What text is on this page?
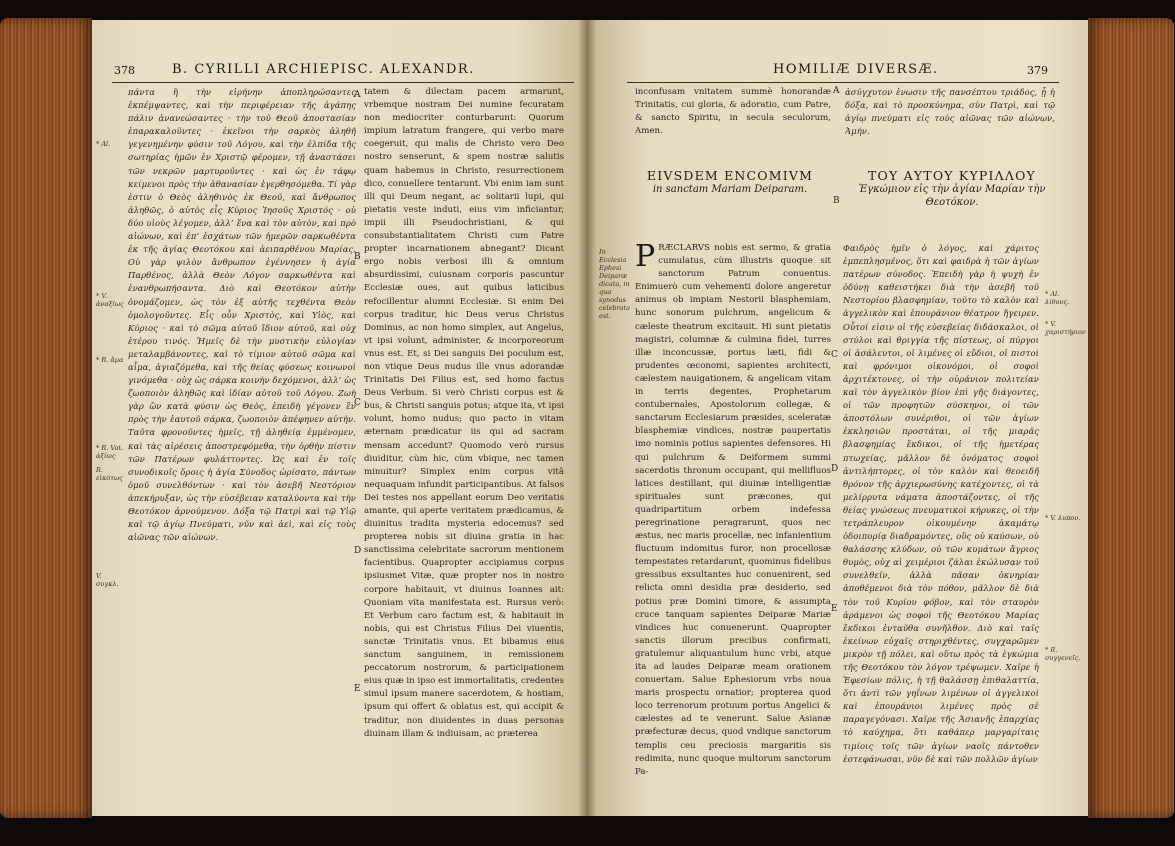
378	B. CYRILLI ARCHIEPISC. ALEXANDR.
* Al.
* V. ἀναξίως
* R. ἄμα
* R. Vat. ἀξίως
R. εἰκότως
V. συγκλ.
πάντα ἢ τὴν εἰρήνην ἀποπληρώσαντες ἐκπέμψαντες, καὶ τὴν περιφέρειαν τῆς ἀγάπης πάλιν ἀνανεώσαντες · τὴν τοῦ Θεοῦ ἀποστασίαν ἐπαρακαλοῦντες · ἐκεῖνοι τὴν σαρκὸς ἀληθῆ γεγενημένην φύσιν τοῦ Λόγου, καὶ τὴν ἐλπίδα τῆς σωτηρίας ἡμῶν ἐν Χριστῷ φέρομεν, τῇ ἀναστάσει τῶν νεκρῶν μαρτυροῦντες · καὶ ὡς ἐν τάφῳ κείμενοι πρὸς τὴν ἀθανασίαν ἐγερθησόμεθα. Τί γὰρ ἐστιν ὁ Θεὸς ἀληθινὸς ἐκ Θεοῦ, καὶ ἄνθρωπος ἀληθῶς, ὁ αὐτὸς εἷς Κύριος Ἰησοῦς Χριστός · οὐ δύο υἱοὺς λέγομεν, ἀλλ’ ἕνα καὶ τὸν αὐτὸν, καὶ πρὸ αἰώνων, καὶ ἐπ’ ἐσχάτων τῶν ἡμερῶν σαρκωθέντα ἐκ τῆς ἁγίας Θεοτόκου καὶ ἀειπαρθένου Μαρίας. Οὐ γὰρ ψιλὸν ἄνθρωπον ἐγέννησεν ἡ ἁγία Παρθένος, ἀλλὰ Θεὸν Λόγον σαρκωθέντα καὶ ἐνανθρωπήσαντα. Διὸ καὶ Θεοτόκον αὐτὴν ὀνομάζομεν, ὡς τὸν ἐξ αὐτῆς τεχθέντα Θεὸν ὁμολογοῦντες. Εἷς οὖν Χριστὸς, καὶ Υἱὸς, καὶ Κύριος · καὶ τὸ σῶμα αὐτοῦ ἴδιον αὐτοῦ, καὶ οὐχ ἑτέρου τινός. Ἡμεῖς δὲ τὴν μυστικὴν εὐλογίαν μεταλαμβάνοντες, καὶ τὸ τίμιον αὐτοῦ σῶμα καὶ αἷμα, ἁγιαζόμεθα, καὶ τῆς θείας φύσεως κοινωνοὶ γινόμεθα · οὐχ ὡς σάρκα κοινὴν δεχόμενοι, ἀλλ’ ὡς ζωοποιὸν ἀληθῶς καὶ ἰδίαν αὐτοῦ τοῦ Λόγου. Ζωὴ γὰρ ὢν κατὰ φύσιν ὡς Θεὸς, ἐπειδὴ γέγονεν ἓν πρὸς τὴν ἑαυτοῦ σάρκα, ζωοποιὸν ἀπέφηνεν αὐτήν. Ταῦτα φρονοῦντες ἡμεῖς, τῇ ἀληθείᾳ ἐμμένομεν, καὶ τὰς αἱρέσεις ἀποστρεφόμεθα, τὴν ὀρθὴν πίστιν τῶν Πατέρων φυλάττοντες. Ὡς καὶ ἐν τοῖς συνοδικοῖς ὅροις ἡ ἁγία Σύνοδος ὡρίσατο, πάντων ὁμοῦ συνελθόντων · καὶ τὸν ἀσεβῆ Νεστόριον ἀπεκήρυξαν, ὡς τὴν εὐσέβειαν καταλύοντα καὶ τὴν Θεοτόκον ἀρνούμενον. Δόξα τῷ Πατρὶ καὶ τῷ Υἱῷ καὶ τῷ ἁγίῳ Πνεύματι, νῦν καὶ ἀεὶ, καὶ εἰς τοὺς αἰῶνας τῶν αἰώνων.
A
B
C
D
E
tatem & dilectam pacem armarunt, vrbemque nostram Dei numine fecuratam non mediocriter conturbarunt: Quorum impium latratum frangere, qui verbo mare coegeruit, qui malis de Christo vero Deo nostro senserunt, & spem nostræ salutis quam habemus in Christo, resurrectionem dico, conuellere tentarunt. Vbi enim iam sunt illi qui Deum negant, ac solitarii lupi, qui pietatis veste induti, eius vim inficiantur, impii illi Pseudochristiani, & qui consubstantialitatem Christi cum Patre propter incarnationem abnegant? Dicant ergo nobis verbosi illi & omnium absurdissimi, cuiusnam corporis pascuntur Ecclesiæ oues, aut quibus laticibus refocillentur alumni Ecclesiæ. Si enim Dei corpus traditur, hic Deus verus Christus Dominus, ac non homo simplex, aut Angelus, vt ipsi volunt, administer, & incorporeorum vnus est. Et, si Dei sanguis Dei poculum est, non vtique Deus nudus ille vnus adorandæ Trinitatis Dei Filius est, sed homo factus Deus Verbum. Si verò Christi corpus est & bus, & Christi sanguis potus; atque ita, vt ipsi volunt, homo nudus; quo pacto in vitam æternam prædicatur iis qui ad sacram mensam accedunt? Quomodo verò rursus diuiditur, cùm hic, cùm vbique, nec tamen minuitur? Simplex enim corpus vitâ nequaquam infundit participantibus. At falsos Dei testes nos appellant eorum Deo veritatis amante, qui aperte veritatem prædicamus, & diuinitus tradita mysteria edocemus? sed propterea nobis sit diuina gratia in hac sanctissima celebritate sacrorum mentionem facientibus. Quapropter accipiamus corpus ipsiusmet Vitæ, quæ propter nos in nostro corpore habitauit, vt diuinus Ioannes ait: Quoniam vita manifestata est. Rursus verò: Et Verbum caro factum est, & habitauit in nobis, qui est Christus Filius Dei viuentis, sanctæ Trinitatis vnus. Et bibamus eius sanctum sanguinem, in remissionem peccatorum nostrorum, & participationem eius quæ in ipso est immortalitatis, credentes simul ipsum manere sacerdotem, & hostiam, ipsum qui offert & oblatus est, qui accipit & traditur, non diuidentes in duas personas diuinam illam & indiuisam, ac præterea
HOMILIÆ DIVERSÆ.	379
inconfusam vnitatem summè honorandæ Trinitatis, cui gloria, & adoratio, cum Patre, & sancto Spiritu, in secula seculorum, Amen.
A ἀσύγχυτον ἑνωσιν τῆς πανσέπτου τριάδος, ᾗ ἡ δόξα, καὶ τὸ προσκύνημα, σὺν Πατρὶ, καὶ τῷ ἁγίῳ πνεύματι εἰς τοὺς αἰῶνας τῶν αἰώνων, Ἀμήν.
EIVSDEM ENCOMIVM
in sanctam Mariam Deiparam.
B
ΤΟΥ ΑΥΤΟΥ ΚΥΡΙΛΛΟΥ
Ἐγκώμιον εἰς τὴν ἁγίαν Μαρίαν τὴν Θεοτόκον.
In Ecclesia Ephesi Deiparæ dicata, in qua synodus celebrata est.
PRÆCLARVS nobis est sermo, & gratia cumulatus, cùm illustris quoque sit sanctorum Patrum conuentus. Enimuerò cum vehementi dolore angeretur animus ob impiam Nestorii blasphemiam, hunc sonorum pulchrum, angelicum & cæleste theatrum excitauit. Hi sunt pietatis magistri, columnæ & culmina fidei, turres illæ inconcussæ, portus læti, fidi & prudentes œconomi, sapientes architecti, cælestem nauigationem, & angelicam vitam in terris degentes, Prophetarum contubernales, Apostolorum collegæ, & sanctarum Ecclesiarum præsides, sceleratæ blasphemiæ vindices, nostræ paupertatis imo nominis potius sapientes defensores. Hi qui pulchrum & Deiformem summi sacerdotis thronum occupant, qui mellifluos latices destillant, qui diuinæ intelligentiæ spirituales sunt præcones, qui quadripartitum orbem indefessa peregrinatione peragrarunt, quos nec æstus, nec maris procellæ, nec infanientium fluctuum indomitus furor, non procellosæ tempestates retardarunt, quominus fidelibus gressibus exsultantes huc conuenirent, sed relicta omni desidia præ desiderio, sed potius præ Domini timore, & assumpta cruce tanquam sapientes Deiparæ Mariæ vindices huc conuenerunt. Quapropter sanctis illorum precibus confirmati, gratulemur aliquantulum hunc vrbi, atque ita ad laudes Deiparæ meam orationem conuertam. Salue Ephesiorum vrbs noua maris prospectu ornatior; propterea quod loco terrenorum protuum portus Angelici & cælestes ad te venerunt. Salue Asianæ præfecturæ decus, quod vndique sanctorum templis ceu preciosis margaritis sis redimita, nunc quoque multorum sanctorum Pa-
C
D
E
Φαιδρὸς ἡμῖν ὁ λόγος, καὶ χάριτος ἐμπεπλησμένος, ὅτι καὶ φαιδρὰ ἡ τῶν ἁγίων πατέρων σύνοδος. Ἐπειδὴ γὰρ ἡ ψυχὴ ἐν ὀδύνῃ καθειστήκει διὰ τὴν ἀσεβῆ τοῦ Νεστορίου βλασφημίαν, τοῦτο τὸ καλὸν καὶ ἀγγελικὸν καὶ ἐπουράνιον θέατρον ἤγειρεν. Οὗτοί εἰσιν οἱ τῆς εὐσεβείας διδάσκαλοι, οἱ στύλοι καὶ θριγγία τῆς πίστεως, οἱ πύργοι οἱ ἀσάλευτοι, οἱ λιμένες οἱ εὔδιοι, οἱ πιστοὶ καὶ φρόνιμοι οἰκονόμοι, οἱ σοφοὶ ἀρχιτέκτονες, οἱ τὴν οὐράνιον πολιτείαν καὶ τὸν ἀγγελικὸν βίον ἐπὶ γῆς διάγοντες, οἱ τῶν προφητῶν σύσκηνοι, οἱ τῶν ἀποστόλων συνέριθοι, οἱ τῶν ἁγίων ἐκκλησιῶν προστάται, οἱ τῆς μιαρᾶς βλασφημίας ἔκδικοι, οἱ τῆς ἡμετέρας πτωχείας, μᾶλλον δὲ ὀνόματος σοφοὶ ἀντιλήπτορες, οἱ τὸν καλὸν καὶ θεοειδῆ θρόνον τῆς ἀρχιερωσύνης κατέχοντες, οἱ τὰ μελίρρυτα νάματα ἀποστάζοντες, οἱ τῆς θείας γνώσεως πνευματικοὶ κήρυκες, οἱ τὴν τετράπλευρον οἰκουμένην ἀκαμάτῳ ὁδοιπορίᾳ διαδραμόντες, οὓς οὐ καύσων, οὐ θαλάσσης κλύδων, οὐ τῶν κυμάτων ἄγριος θυμὸς, οὐχ αἱ χειμέριοι ζάλαι ἐκώλυσαν τοῦ συνελθεῖν, ἀλλὰ πᾶσαν ὀκνηρίαν ἀποθέμενοι διὰ τὸν πόθον, μᾶλλον δὲ διὰ τὸν τοῦ Κυρίου φόβον, καὶ τὸν σταυρὸν ἀράμενοι ὡς σοφοὶ τῆς Θεοτόκου Μαρίας ἔκδικοι ἐνταῦθα συνῆλθον. Διὸ καὶ ταῖς ἐκείνων εὐχαῖς στηριχθέντες, συγχαρῶμεν μικρὸν τῇ πόλει, καὶ οὕτω πρὸς τὰ ἐγκώμια τῆς Θεοτόκου τὸν λόγον τρέψωμεν. Χαῖρε ἡ Ἐφεσίων πόλις, ἡ τῇ θαλάσσῃ ἐπιθαλαττία, ὅτι ἀντὶ τῶν γηΐνων λιμένων οἱ ἀγγελικοὶ καὶ ἐπουράνιοι λιμένες πρὸς σὲ παραγεγόνασι. Χαῖρε τῆς Ἀσιανῆς ἐπαρχίας τὸ καύχημα, ὅτι καθάπερ μαργαρίταις τιμίοις τοῖς τῶν ἁγίων ναοῖς πάντοθεν ἐστεφάνωσαι, νῦν δὲ καὶ τῶν πολλῶν ἁγίων
* Al. λίθους.
* V. χαριστήριον
* V. λυπου.
* R. συγγενεῖς.
